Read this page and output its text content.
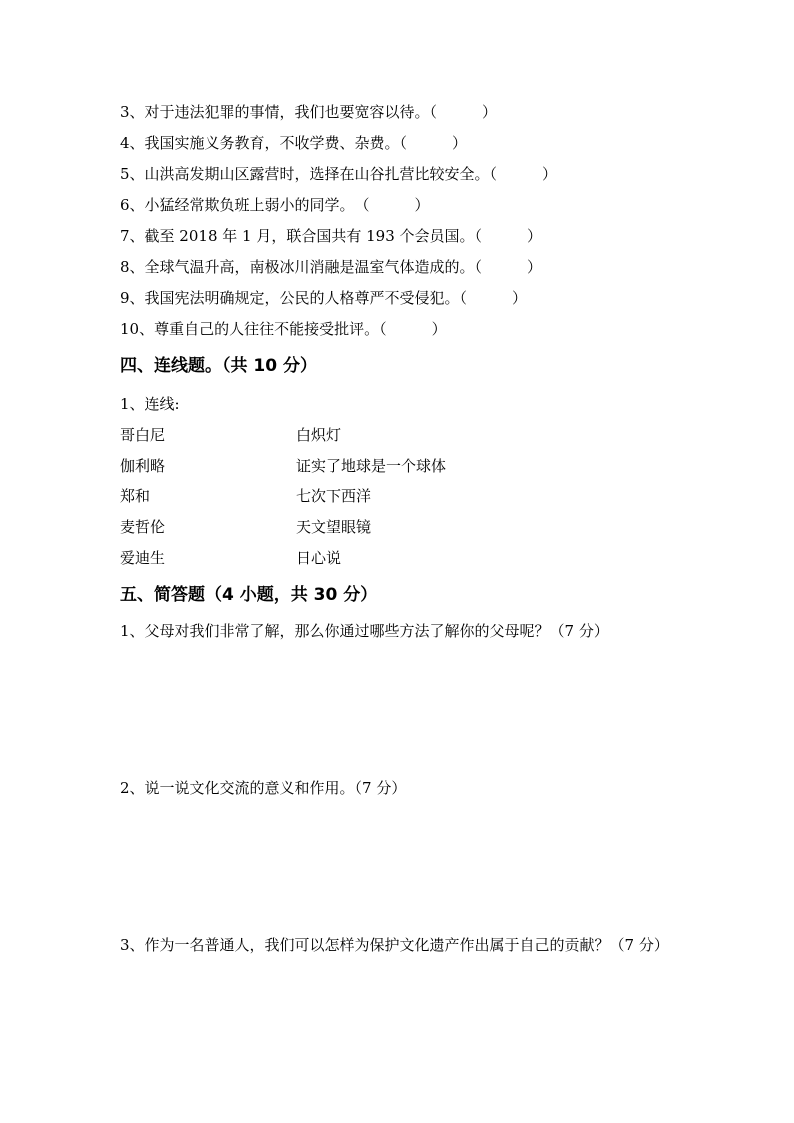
3、对于违法犯罪的事情，我们也要宽容以待。（　　　）
4、我国实施义务教育，不收学费、杂费。（　　　）
5、山洪高发期山区露营时，选择在山谷扎营比较安全。（　　　）
6、小猛经常欺负班上弱小的同学。　（　　　）
7、截至 2018 年 1 月，联合国共有 193 个会员国。（　　　）
8、全球气温升高，南极冰川消融是温室气体造成的。（　　　）
9、我国宪法明确规定，公民的人格尊严不受侵犯。（　　　）
10、尊重自己的人往往不能接受批评。（　　　）
四、连线题。（共 10 分）
1、连线:
哥白尼	白炽灯
伽利略	证实了地球是一个球体
郑和	七次下西洋
麦哲伦	天文望眼镜
爱迪生	日心说
五、简答题（4 小题，共 30 分）
1、父母对我们非常了解，那么你通过哪些方法了解你的父母呢？（7 分）
2、说一说文化交流的意义和作用。（7 分）
3、作为一名普通人，我们可以怎样为保护文化遗产作出属于自己的贡献？（7 分）
